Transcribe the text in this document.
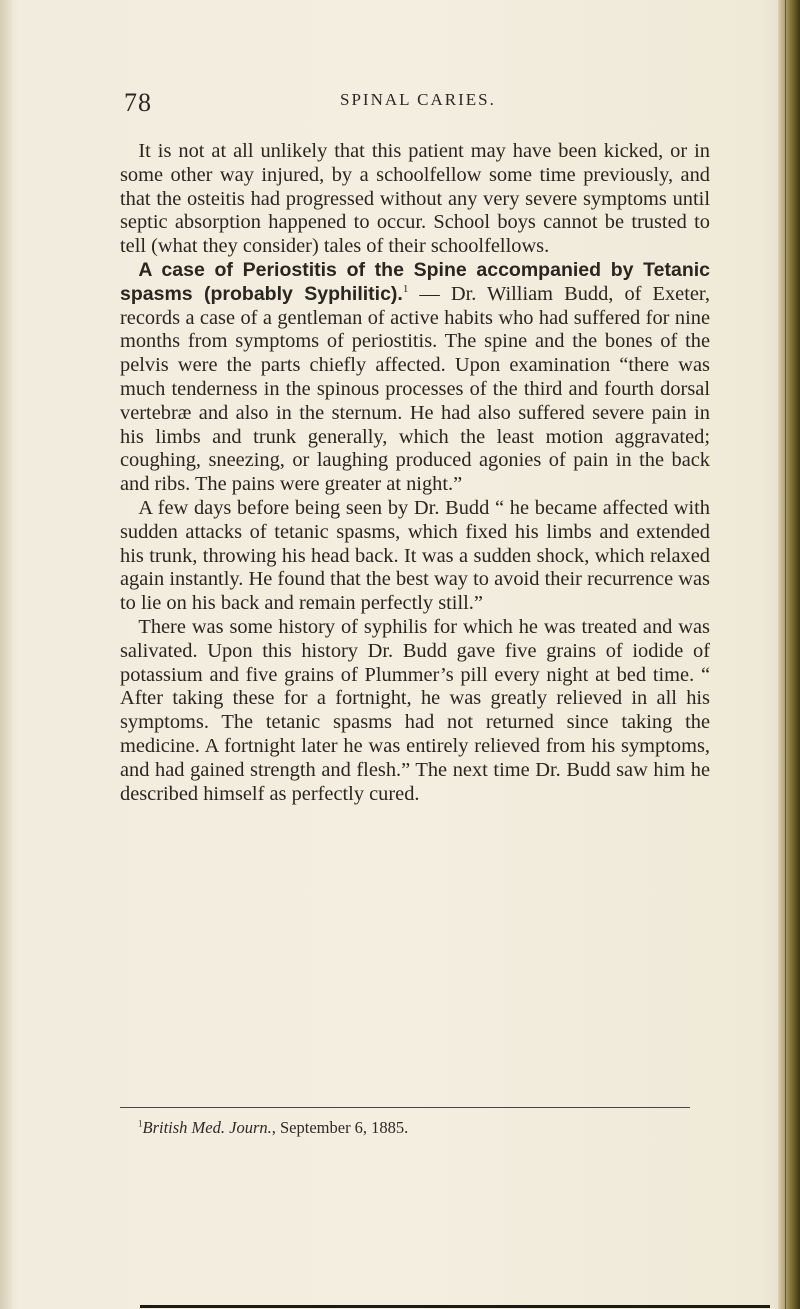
78	SPINAL CARIES.

It is not at all unlikely that this patient may have been kicked, or in some other way injured, by a schoolfellow some time previously, and that the osteitis had progressed without any very severe symptoms until septic absorption happened to occur. School boys cannot be trusted to tell (what they consider) tales of their schoolfellows.

A case of Periostitis of the Spine accompanied by Tetanic spasms (probably Syphilitic).$^1$ — Dr. William Budd, of Exeter, records a case of a gentleman of active habits who had suffered for nine months from symptoms of periostitis. The spine and the bones of the pelvis were the parts chiefly affected. Upon examination “there was much tenderness in the spinous processes of the third and fourth dorsal vertebræ and also in the sternum. He had also suffered severe pain in his limbs and trunk generally, which the least motion aggravated; coughing, sneezing, or laughing produced agonies of pain in the back and ribs. The pains were greater at night.”

A few days before being seen by Dr. Budd “ he became affected with sudden attacks of tetanic spasms, which fixed his limbs and extended his trunk, throwing his head back. It was a sudden shock, which relaxed again instantly. He found that the best way to avoid their recurrence was to lie on his back and remain perfectly still.”

There was some history of syphilis for which he was treated and was salivated. Upon this history Dr. Budd gave five grains of iodide of potassium and five grains of Plummer’s pill every night at bed time. “ After taking these for a fortnight, he was greatly relieved in all his symptoms. The tetanic spasms had not returned since taking the medicine. A fortnight later he was entirely relieved from his symptoms, and had gained strength and flesh.” The next time Dr. Budd saw him he described himself as perfectly cured.

$^1$British Med. Journ., September 6, 1885.
